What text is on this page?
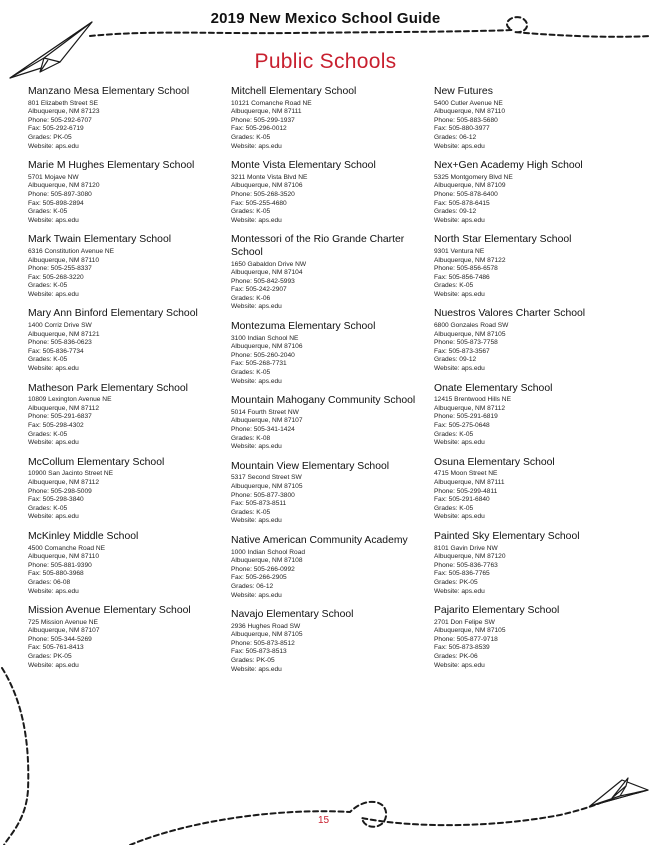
2019 New Mexico School Guide
Public Schools
Manzano Mesa Elementary School
801 Elizabeth Street SE
Albuquerque, NM 87123
Phone: 505-292-6707
Fax: 505-292-6719
Grades: PK-05
Website: aps.edu
Marie M Hughes Elementary School
5701 Mojave NW
Albuquerque, NM 87120
Phone: 505-897-3080
Fax: 505-898-2894
Grades: K-05
Website: aps.edu
Mark Twain Elementary School
6316 Constitution Avenue NE
Albuquerque, NM 87110
Phone: 505-255-8337
Fax: 505-268-3220
Grades: K-05
Website: aps.edu
Mary Ann Binford Elementary School
1400 Corriz Drive SW
Albuquerque, NM 87121
Phone: 505-836-0623
Fax: 505-836-7734
Grades: K-05
Website: aps.edu
Matheson Park Elementary School
10809 Lexington Avenue NE
Albuquerque, NM 87112
Phone: 505-291-6837
Fax: 505-298-4302
Grades: K-05
Website: aps.edu
McCollum Elementary School
10900 San Jacinto Street NE
Albuquerque, NM 87112
Phone: 505-298-5009
Fax: 505-298-3840
Grades: K-05
Website: aps.edu
McKinley Middle School
4500 Comanche Road NE
Albuquerque, NM 87110
Phone: 505-881-9390
Fax: 505-880-3968
Grades: 06-08
Website: aps.edu
Mission Avenue Elementary School
725 Mission Avenue NE
Albuquerque, NM 87107
Phone: 505-344-5269
Fax: 505-761-8413
Grades: PK-05
Website: aps.edu
Mitchell Elementary School
10121 Comanche Road NE
Albuquerque, NM 87111
Phone: 505-299-1937
Fax: 505-296-0012
Grades: K-05
Website: aps.edu
Monte Vista Elementary School
3211 Monte Vista Blvd NE
Albuquerque, NM 87106
Phone: 505-268-3520
Fax: 505-255-4680
Grades: K-05
Website: aps.edu
Montessori of the Rio Grande Charter School
1650 Gabaldon Drive NW
Albuquerque, NM 87104
Phone: 505-842-5993
Fax: 505-242-2907
Grades: K-06
Website: aps.edu
Montezuma Elementary School
3100 Indian School NE
Albuquerque, NM 87106
Phone: 505-260-2040
Fax: 505-268-7731
Grades: K-05
Website: aps.edu
Mountain Mahogany Community School
5014 Fourth Street NW
Albuquerque, NM 87107
Phone: 505-341-1424
Grades: K-08
Website: aps.edu
Mountain View Elementary School
5317 Second Street SW
Albuquerque, NM 87105
Phone: 505-877-3800
Fax: 505-873-8511
Grades: K-05
Website: aps.edu
Native American Community Academy
1000 Indian School Road
Albuquerque, NM 87108
Phone: 505-266-0992
Fax: 505-266-2905
Grades: 06-12
Website: aps.edu
Navajo Elementary School
2936 Hughes Road SW
Albuquerque, NM 87105
Phone: 505-873-8512
Fax: 505-873-8513
Grades: PK-05
Website: aps.edu
New Futures
5400 Cutler Avenue NE
Albuquerque, NM 87110
Phone: 505-883-5680
Fax: 505-880-3977
Grades: 06-12
Website: aps.edu
Nex+Gen Academy High School
5325 Montgomery Blvd NE
Albuquerque, NM 87109
Phone: 505-878-6400
Fax: 505-878-6415
Grades: 09-12
Website: aps.edu
North Star Elementary School
9301 Ventura NE
Albuquerque, NM 87122
Phone: 505-856-6578
Fax: 505-856-7486
Grades: K-05
Website: aps.edu
Nuestros Valores Charter School
6800 Gonzales Road SW
Albuquerque, NM 87105
Phone: 505-873-7758
Fax: 505-873-3567
Grades: 09-12
Website: aps.edu
Onate Elementary School
12415 Brentwood Hills NE
Albuquerque, NM 87112
Phone: 505-291-6819
Fax: 505-275-0648
Grades: K-05
Website: aps.edu
Osuna Elementary School
4715 Moon Street NE
Albuquerque, NM 87111
Phone: 505-299-4811
Fax: 505-291-6840
Grades: K-05
Website: aps.edu
Painted Sky Elementary School
8101 Gavin Drive NW
Albuquerque, NM 87120
Phone: 505-836-7763
Fax: 505-836-7765
Grades: PK-05
Website: aps.edu
Pajarito Elementary School
2701 Don Felipe SW
Albuquerque, NM 87105
Phone: 505-877-9718
Fax: 505-873-8539
Grades: PK-06
Website: aps.edu
15
